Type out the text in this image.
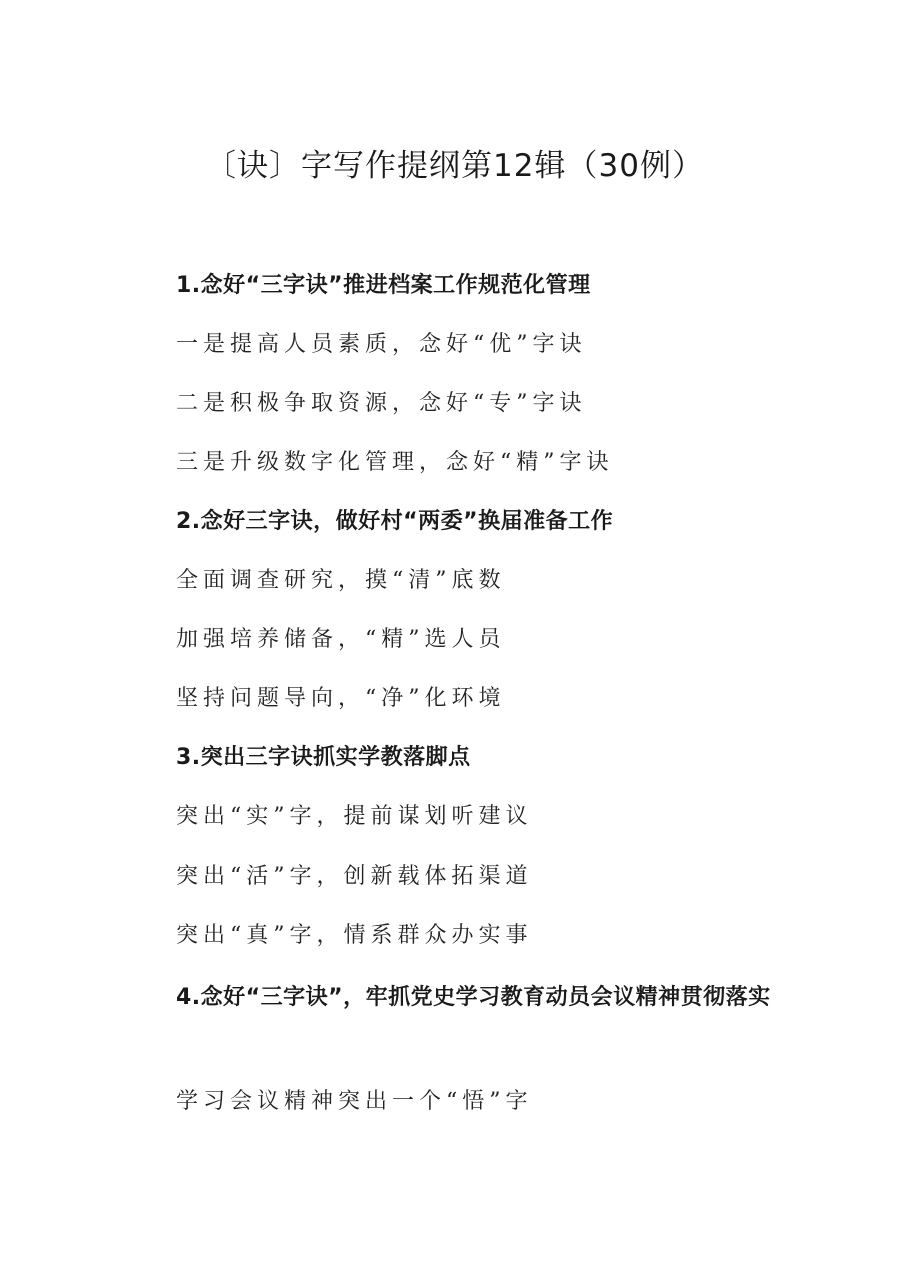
〔诀〕字写作提纲第12辑（30例）
1.念好“三字诀”推进档案工作规范化管理
一是提高人员素质，念好“优”字诀
二是积极争取资源，念好“专”字诀
三是升级数字化管理，念好“精”字诀
2.念好三字诀，做好村“两委”换届准备工作
全面调查研究，摸“清”底数
加强培养储备，“精”选人员
坚持问题导向，“净”化环境
3.突出三字诀抓实学教落脚点
突出“实”字，提前谋划听建议
突出“活”字，创新载体拓渠道
突出“真”字，情系群众办实事
4.念好“三字诀”，牢抓党史学习教育动员会议精神贯彻落实
学习会议精神突出一个“悟”字
